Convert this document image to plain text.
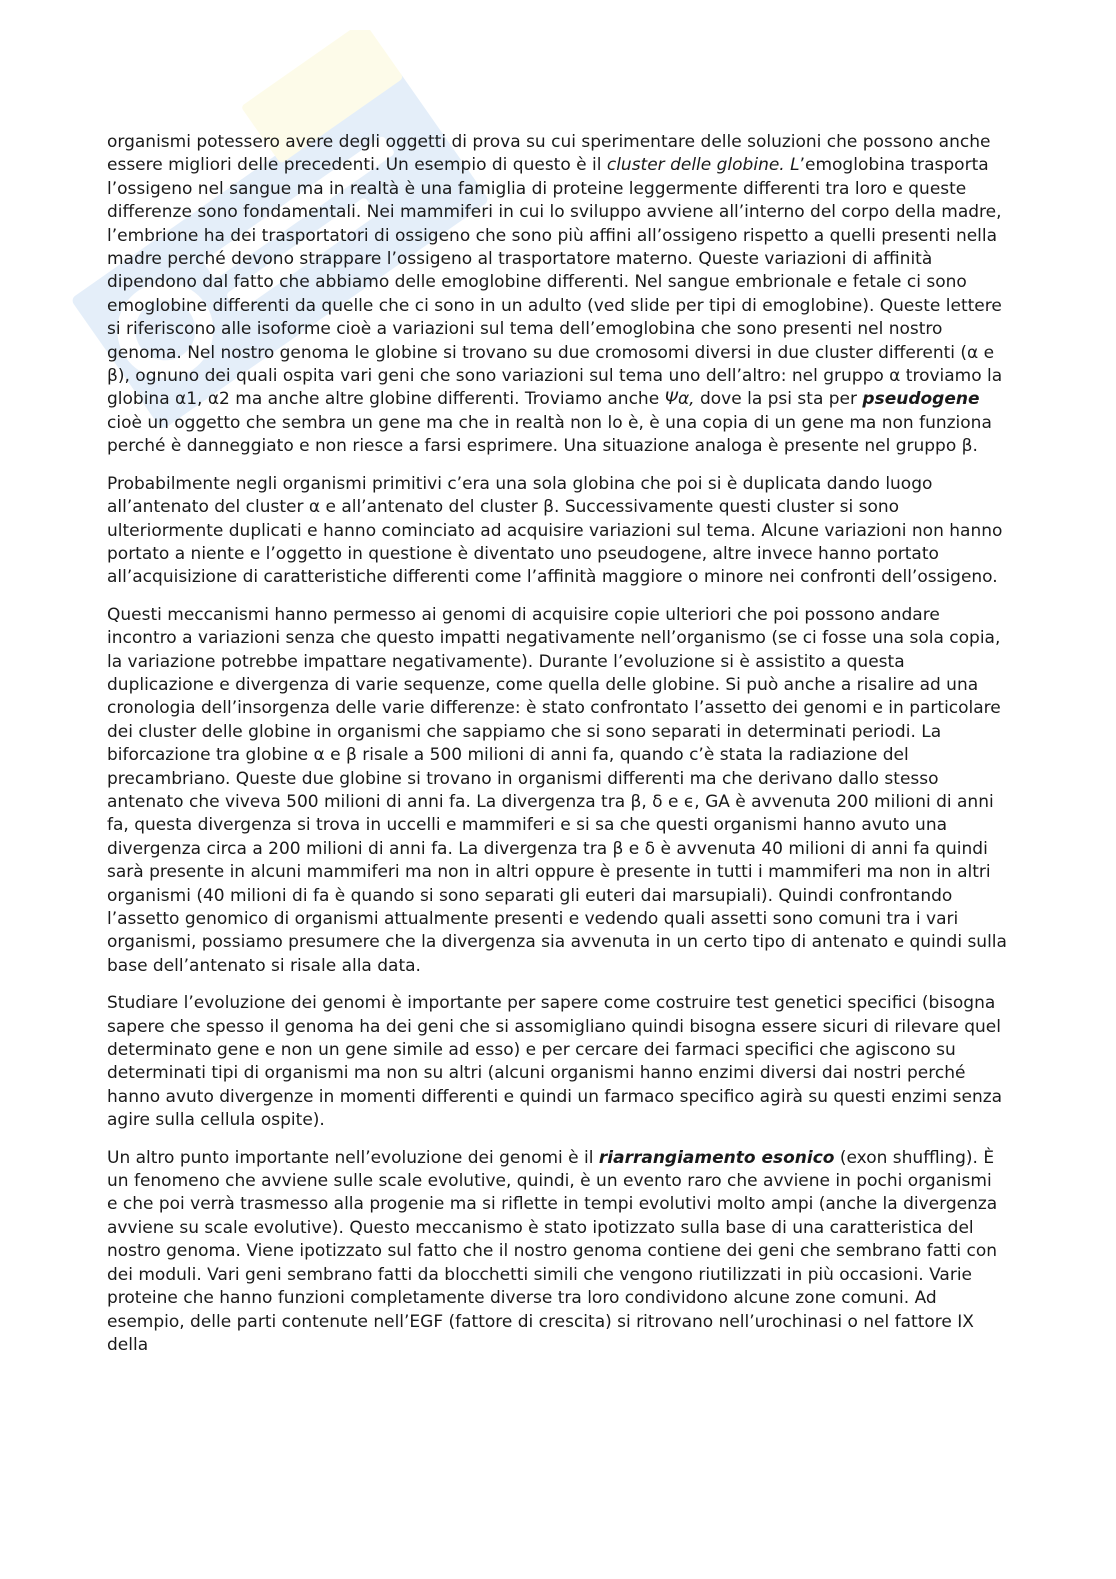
organismi potessero avere degli oggetti di prova su cui sperimentare delle soluzioni che possono anche essere migliori delle precedenti. Un esempio di questo è il cluster delle globine. L’emoglobina trasporta l’ossigeno nel sangue ma in realtà è una famiglia di proteine leggermente differenti tra loro e queste differenze sono fondamentali. Nei mammiferi in cui lo sviluppo avviene all’interno del corpo della madre, l’embrione ha dei trasportatori di ossigeno che sono più affini all’ossigeno rispetto a quelli presenti nella madre perché devono strappare l’ossigeno al trasportatore materno. Queste variazioni di affinità dipendono dal fatto che abbiamo delle emoglobine differenti. Nel sangue embrionale e fetale ci sono emoglobine differenti da quelle che ci sono in un adulto (ved slide per tipi di emoglobine). Queste lettere si riferiscono alle isoforme cioè a variazioni sul tema dell’emoglobina che sono presenti nel nostro genoma. Nel nostro genoma le globine si trovano su due cromosomi diversi in due cluster differenti (α e β), ognuno dei quali ospita vari geni che sono variazioni sul tema uno dell’altro: nel gruppo α troviamo la globina α1, α2 ma anche altre globine differenti. Troviamo anche Ψα, dove la psi sta per pseudogene cioè un oggetto che sembra un gene ma che in realtà non lo è, è una copia di un gene ma non funziona perché è danneggiato e non riesce a farsi esprimere. Una situazione analoga è presente nel gruppo β.

Probabilmente negli organismi primitivi c’era una sola globina che poi si è duplicata dando luogo all’antenato del cluster α e all’antenato del cluster β. Successivamente questi cluster si sono ulteriormente duplicati e hanno cominciato ad acquisire variazioni sul tema. Alcune variazioni non hanno portato a niente e l’oggetto in questione è diventato uno pseudogene, altre invece hanno portato all’acquisizione di caratteristiche differenti come l’affinità maggiore o minore nei confronti dell’ossigeno.

Questi meccanismi hanno permesso ai genomi di acquisire copie ulteriori che poi possono andare incontro a variazioni senza che questo impatti negativamente nell’organismo (se ci fosse una sola copia, la variazione potrebbe impattare negativamente). Durante l’evoluzione si è assistito a questa duplicazione e divergenza di varie sequenze, come quella delle globine. Si può anche a risalire ad una cronologia dell’insorgenza delle varie differenze: è stato confrontato l’assetto dei genomi e in particolare dei cluster delle globine in organismi che sappiamo che si sono separati in determinati periodi. La biforcazione tra globine α e β risale a 500 milioni di anni fa, quando c’è stata la radiazione del precambriano. Queste due globine si trovano in organismi differenti ma che derivano dallo stesso antenato che viveva 500 milioni di anni fa. La divergenza tra β, δ e ϵ, GA è avvenuta 200 milioni di anni fa, questa divergenza si trova in uccelli e mammiferi e si sa che questi organismi hanno avuto una divergenza circa a 200 milioni di anni fa. La divergenza tra β e δ è avvenuta 40 milioni di anni fa quindi sarà presente in alcuni mammiferi ma non in altri oppure è presente in tutti i mammiferi ma non in altri organismi (40 milioni di fa è quando si sono separati gli euteri dai marsupiali). Quindi confrontando l’assetto genomico di organismi attualmente presenti e vedendo quali assetti sono comuni tra i vari organismi, possiamo presumere che la divergenza sia avvenuta in un certo tipo di antenato e quindi sulla base dell’antenato si risale alla data.

Studiare l’evoluzione dei genomi è importante per sapere come costruire test genetici specifici (bisogna sapere che spesso il genoma ha dei geni che si assomigliano quindi bisogna essere sicuri di rilevare quel determinato gene e non un gene simile ad esso) e per cercare dei farmaci specifici che agiscono su determinati tipi di organismi ma non su altri (alcuni organismi hanno enzimi diversi dai nostri perché hanno avuto divergenze in momenti differenti e quindi un farmaco specifico agirà su questi enzimi senza agire sulla cellula ospite).

Un altro punto importante nell’evoluzione dei genomi è il riarrangiamento esonico (exon shuffling). È un fenomeno che avviene sulle scale evolutive, quindi, è un evento raro che avviene in pochi organismi e che poi verrà trasmesso alla progenie ma si riflette in tempi evolutivi molto ampi (anche la divergenza avviene su scale evolutive). Questo meccanismo è stato ipotizzato sulla base di una caratteristica del nostro genoma. Viene ipotizzato sul fatto che il nostro genoma contiene dei geni che sembrano fatti con dei moduli. Vari geni sembrano fatti da blocchetti simili che vengono riutilizzati in più occasioni. Varie proteine che hanno funzioni completamente diverse tra loro condividono alcune zone comuni. Ad esempio, delle parti contenute nell’EGF (fattore di crescita) si ritrovano nell’urochinasi o nel fattore IX della
